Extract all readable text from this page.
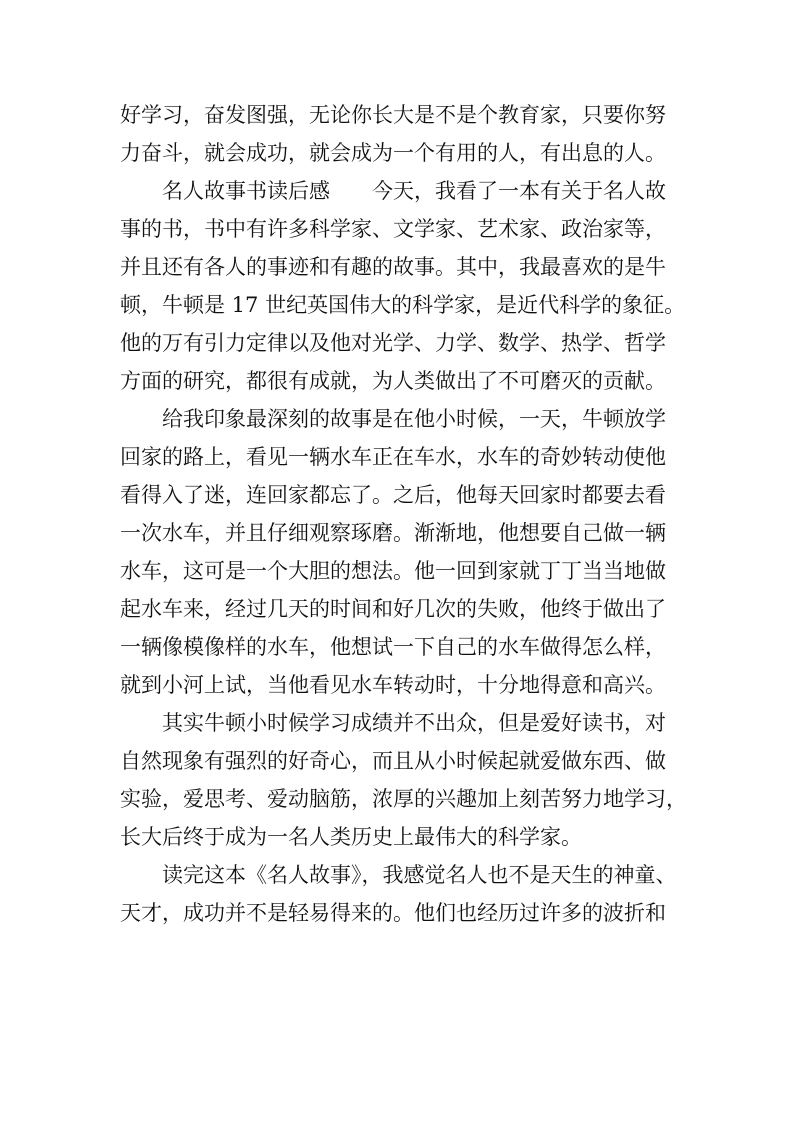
好学习，奋发图强，无论你长大是不是个教育家，只要你努
力奋斗，就会成功，就会成为一个有用的人，有出息的人。
名人故事书读后感　　今天，我看了一本有关于名人故
事的书，书中有许多科学家、文学家、艺术家、政治家等，
并且还有各人的事迹和有趣的故事。其中，我最喜欢的是牛
顿，牛顿是 17 世纪英国伟大的科学家，是近代科学的象征。
他的万有引力定律以及他对光学、力学、数学、热学、哲学
方面的研究，都很有成就，为人类做出了不可磨灭的贡献。
给我印象最深刻的故事是在他小时候，一天，牛顿放学
回家的路上，看见一辆水车正在车水，水车的奇妙转动使他
看得入了迷，连回家都忘了。之后，他每天回家时都要去看
一次水车，并且仔细观察琢磨。渐渐地，他想要自己做一辆
水车，这可是一个大胆的想法。他一回到家就丁丁当当地做
起水车来，经过几天的时间和好几次的失败，他终于做出了
一辆像模像样的水车，他想试一下自己的水车做得怎么样，
就到小河上试，当他看见水车转动时，十分地得意和高兴。
其实牛顿小时候学习成绩并不出众，但是爱好读书，对
自然现象有强烈的好奇心，而且从小时候起就爱做东西、做
实验，爱思考、爱动脑筋，浓厚的兴趣加上刻苦努力地学习，
长大后终于成为一名人类历史上最伟大的科学家。
读完这本《名人故事》，我感觉名人也不是天生的神童、
天才，成功并不是轻易得来的。他们也经历过许多的波折和
